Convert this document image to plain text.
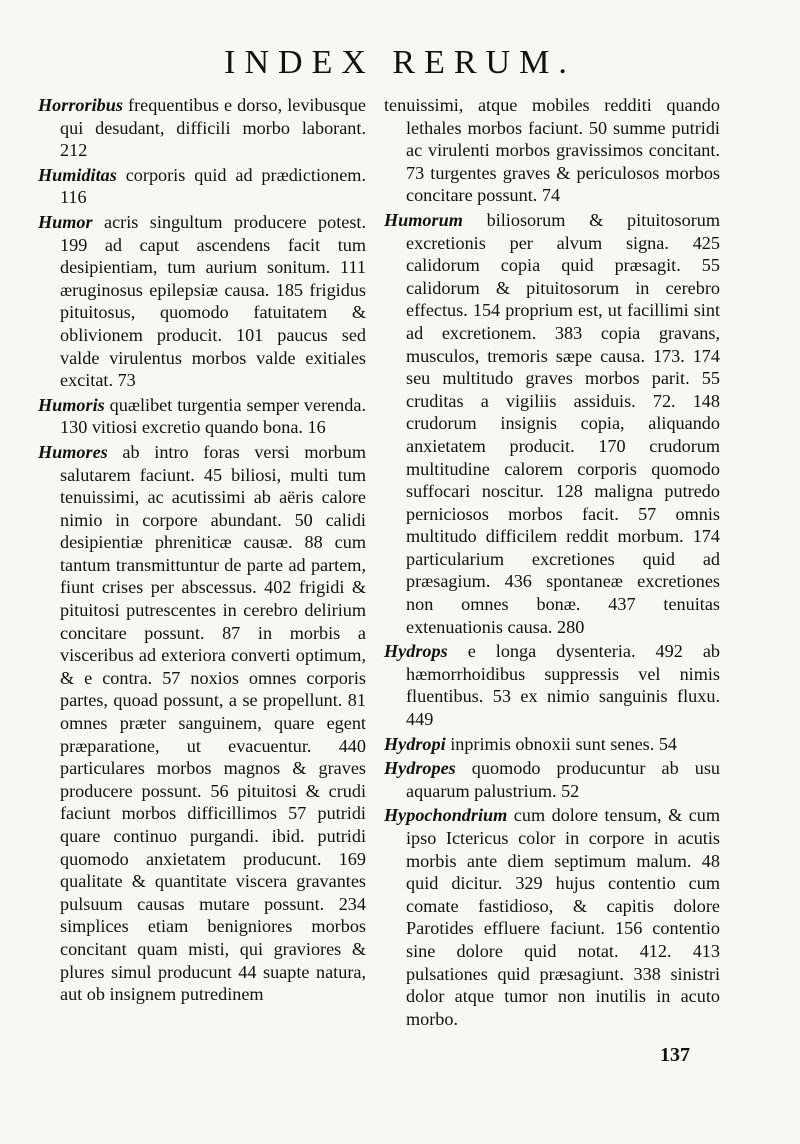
INDEX RERUM.

Horroribus frequentibus e dorso, levibusque qui desudant, difficili morbo laborant. 212

Humiditas corporis quid ad prædictionem. 116

Humor acris singultum producere potest. 199 ad caput ascendens facit tum desipientiam, tum aurium sonitum. 111 æruginosus epilepsiæ causa. 185 frigidus pituitosus, quomodo fatuitatem & oblivionem producit. 101 paucus sed valde virulentus morbos valde exitiales excitat. 73

Humoris quælibet turgentia semper verenda. 130 vitiosi excretio quando bona. 16

Humores ab intro foras versi morbum salutarem faciunt. 45 biliosi, multi tum tenuissimi, ac acutissimi ab aëris calore nimio in corpore abundant. 50 calidi desipientiæ phreniticæ causæ. 88 cum tantum transmittuntur de parte ad partem, fiunt crises per abscessus. 402 frigidi & pituitosi putrescentes in cerebro delirium concitare possunt. 87 in morbis a visceribus ad exteriora converti optimum, & e contra. 57 noxios omnes corporis partes, quoad possunt, a se propellunt. 81 omnes præter sanguinem, quare egent præparatione, ut evacuentur. 440 particulares morbos magnos & graves producere possunt. 56 pituitosi & crudi faciunt morbos difficillimos 57 putridi quare continuo purgandi. ibid. putridi quomodo anxietatem producunt. 169 qualitate & quantitate viscera gravantes pulsuum causas mutare possunt. 234 simplices etiam benigniores morbos concitant quam misti, qui graviores & plures simul producunt 44 suapte natura, aut ob insignem putredinem

tenuissimi, atque mobiles redditi quando lethales morbos faciunt. 50 summe putridi ac virulenti morbos gravissimos concitant. 73 turgentes graves & periculosos morbos concitare possunt. 74

Humorum biliosorum & pituitosorum excretionis per alvum signa. 425 calidorum copia quid præsagit. 55 calidorum & pituitosorum in cerebro effectus. 154 proprium est, ut facillimi sint ad excretionem. 383 copia gravans, musculos, tremoris sæpe causa. 173. 174 seu multitudo graves morbos parit. 55 cruditas a vigiliis assiduis. 72. 148 crudorum insignis copia, aliquando anxietatem producit. 170 crudorum multitudine calorem corporis quomodo suffocari noscitur. 128 maligna putredo perniciosos morbos facit. 57 omnis multitudo difficilem reddit morbum. 174 particularium excretiones quid ad præsagium. 436 spontaneæ excretiones non omnes bonæ. 437 tenuitas extenuationis causa. 280

Hydrops e longa dysenteria. 492 ab hæmorrhoidibus suppressis vel nimis fluentibus. 53 ex nimio sanguinis fluxu. 449

Hydropi inprimis obnoxii sunt senes. 54

Hydropes quomodo producuntur ab usu aquarum palustrium. 52

Hypochondrium cum dolore tensum, & cum ipso Ictericus color in corpore in acutis morbis ante diem septimum malum. 48 quid dicitur. 329 hujus contentio cum comate fastidioso, & capitis dolore Parotides effluere faciunt. 156 contentio sine dolore quid notat. 412. 413 pulsationes quid præsagiunt. 338 sinistri dolor atque tumor non inutilis in acuto morbo.

137
